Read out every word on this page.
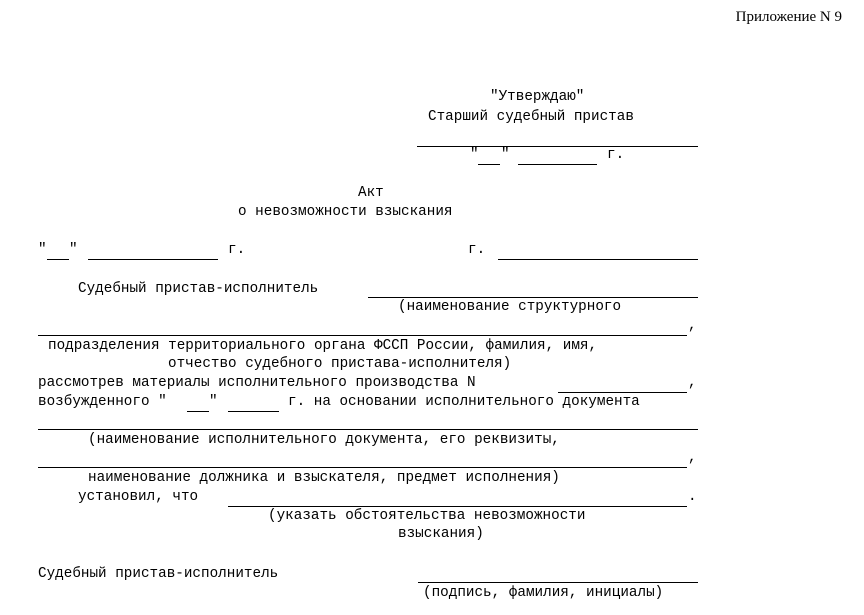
Приложение N 9
"Утверждаю"
Старший судебный пристав
" "	г.
Акт
о невозможности взыскания
" "	г.	г.
Судебный пристав-исполнитель
(наименование структурного
,
подразделения территориального органа ФССП России, фамилия, имя,
отчество судебного пристава-исполнителя)
рассмотрев материалы исполнительного производства N	,
возбужденного "	"	г. на основании исполнительного документа
(наименование исполнительного документа, его реквизиты,
,
наименование должника и взыскателя, предмет исполнения)
установил, что	.
(указать обстоятельства невозможности
взыскания)
Судебный пристав-исполнитель
(подпись, фамилия, инициалы)
